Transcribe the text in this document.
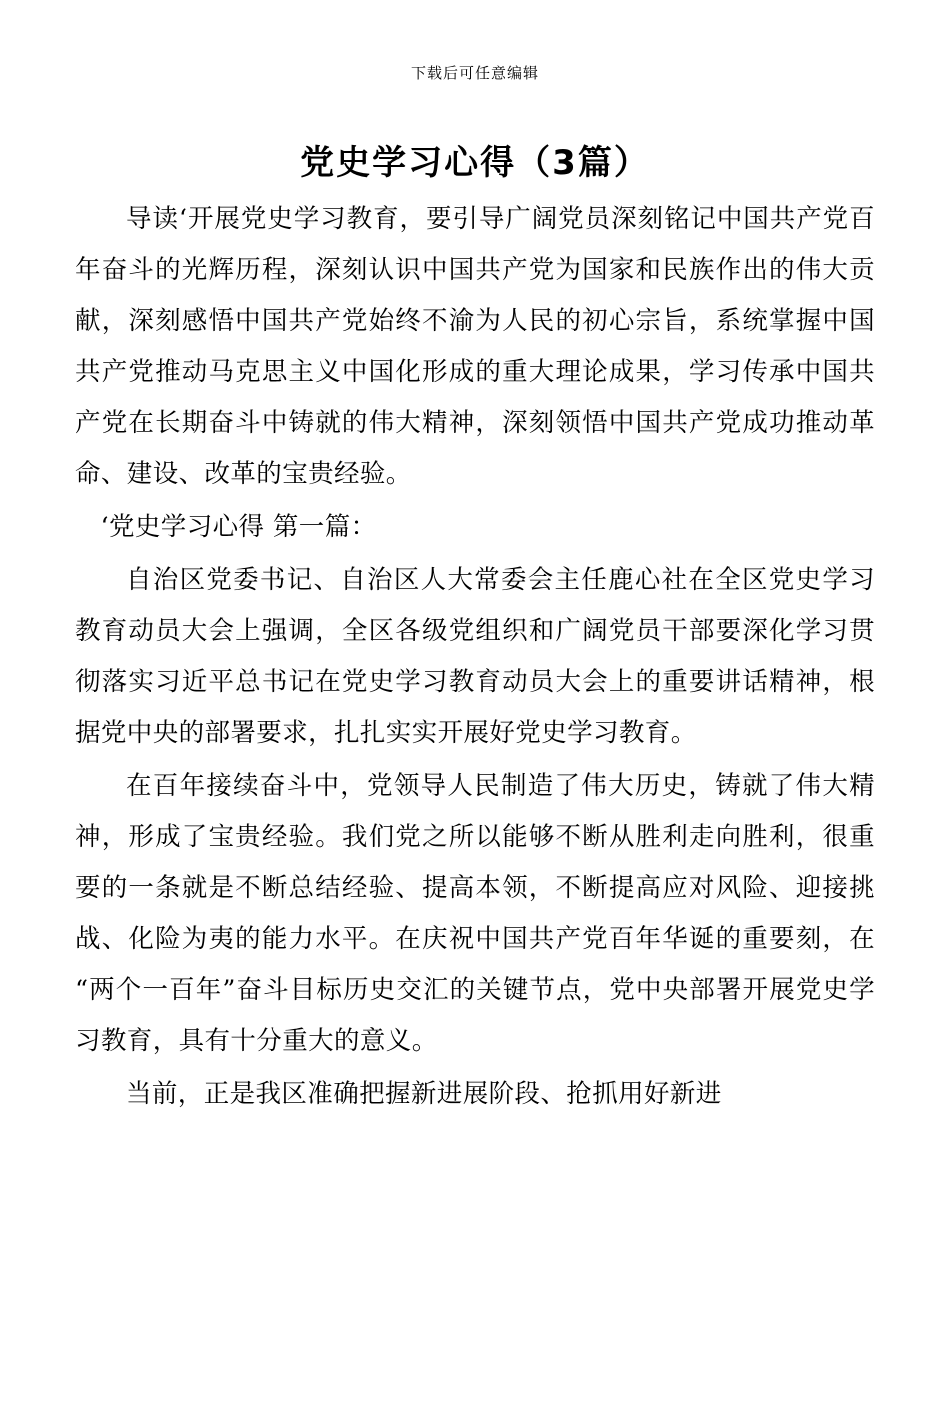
下载后可任意编辑
党史学习心得（3篇）

导读‘开展党史学习教育，要引导广阔党员深刻铭记中国共产党百年奋斗的光辉历程，深刻认识中国共产党为国家和民族作出的伟大贡献，深刻感悟中国共产党始终不渝为人民的初心宗旨，系统掌握中国共产党推动马克思主义中国化形成的重大理论成果，学习传承中国共产党在长期奋斗中铸就的伟大精神，深刻领悟中国共产党成功推动革命、建设、改革的宝贵经验。

‘党史学习心得 第一篇：

自治区党委书记、自治区人大常委会主任鹿心社在全区党史学习教育动员大会上强调，全区各级党组织和广阔党员干部要深化学习贯彻落实习近平总书记在党史学习教育动员大会上的重要讲话精神，根据党中央的部署要求，扎扎实实开展好党史学习教育。

在百年接续奋斗中，党领导人民制造了伟大历史，铸就了伟大精神，形成了宝贵经验。我们党之所以能够不断从胜利走向胜利，很重要的一条就是不断总结经验、提高本领，不断提高应对风险、迎接挑战、化险为夷的能力水平。在庆祝中国共产党百年华诞的重要刻，在“两个一百年”奋斗目标历史交汇的关键节点，党中央部署开展党史学习教育，具有十分重大的意义。

当前，正是我区准确把握新进展阶段、抢抓用好新进
